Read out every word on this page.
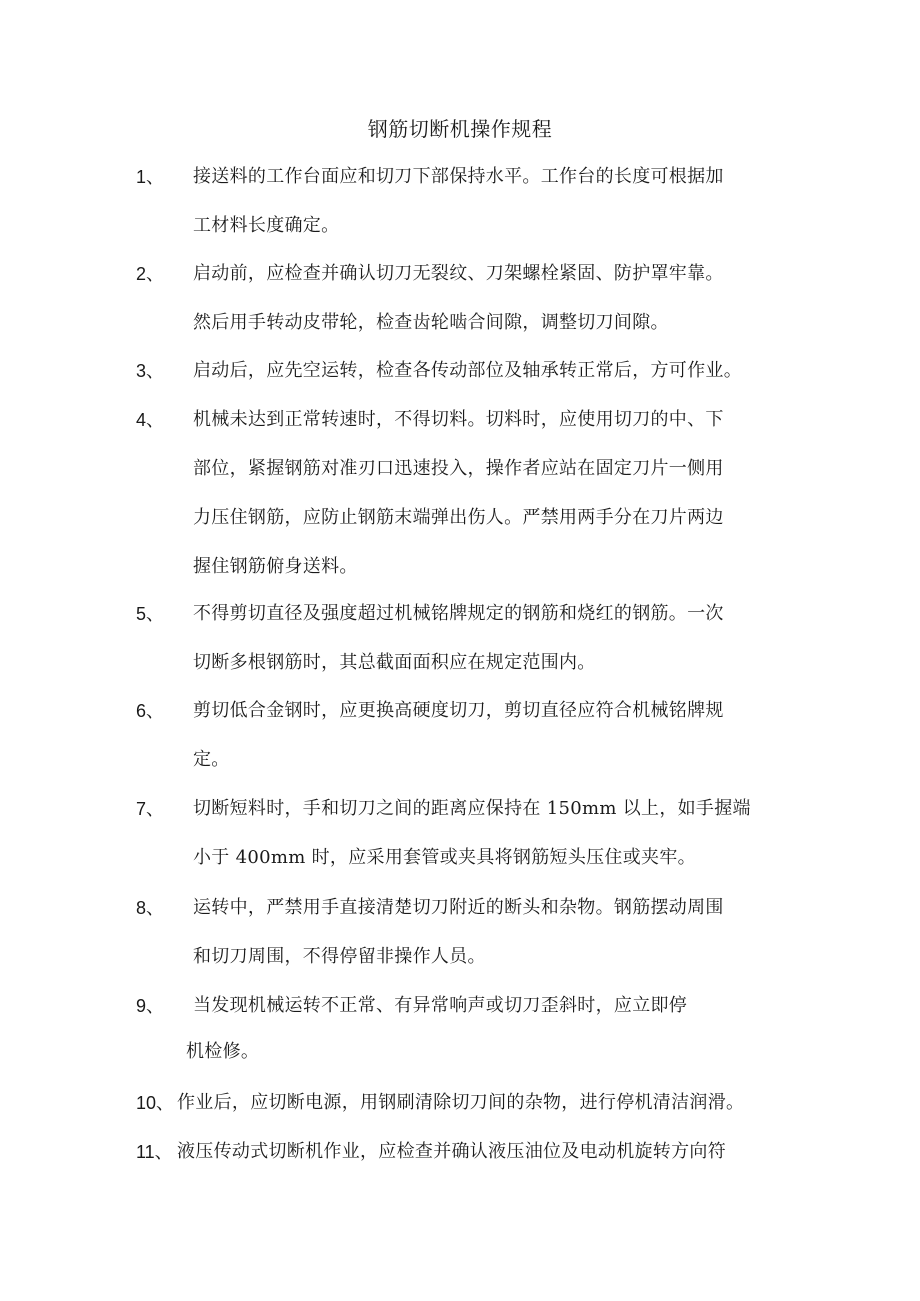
钢筋切断机操作规程
1、 接送料的工作台面应和切刀下部保持水平。工作台的长度可根据加
工材料长度确定。
2、 启动前，应检查并确认切刀无裂纹、刀架螺栓紧固、防护罩牢靠。
然后用手转动皮带轮，检查齿轮啮合间隙，调整切刀间隙。
3、 启动后，应先空运转，检查各传动部位及轴承转正常后，方可作业。
4、 机械未达到正常转速时，不得切料。切料时，应使用切刀的中、下
部位，紧握钢筋对准刃口迅速投入，操作者应站在固定刀片一侧用
力压住钢筋，应防止钢筋末端弹出伤人。严禁用两手分在刀片两边
握住钢筋俯身送料。
5、 不得剪切直径及强度超过机械铭牌规定的钢筋和烧红的钢筋。一次
切断多根钢筋时，其总截面面积应在规定范围内。
6、 剪切低合金钢时，应更换高硬度切刀，剪切直径应符合机械铭牌规
定。
7、 切断短料时，手和切刀之间的距离应保持在 150mm 以上，如手握端
小于 400mm 时，应采用套管或夹具将钢筋短头压住或夹牢。
8、 运转中，严禁用手直接清楚切刀附近的断头和杂物。钢筋摆动周围
和切刀周围，不得停留非操作人员。
9、 当发现机械运转不正常、有异常响声或切刀歪斜时，应立即停
机检修。
10、 作业后，应切断电源，用钢刷清除切刀间的杂物，进行停机清洁润滑。
11、 液压传动式切断机作业，应检查并确认液压油位及电动机旋转方向符
